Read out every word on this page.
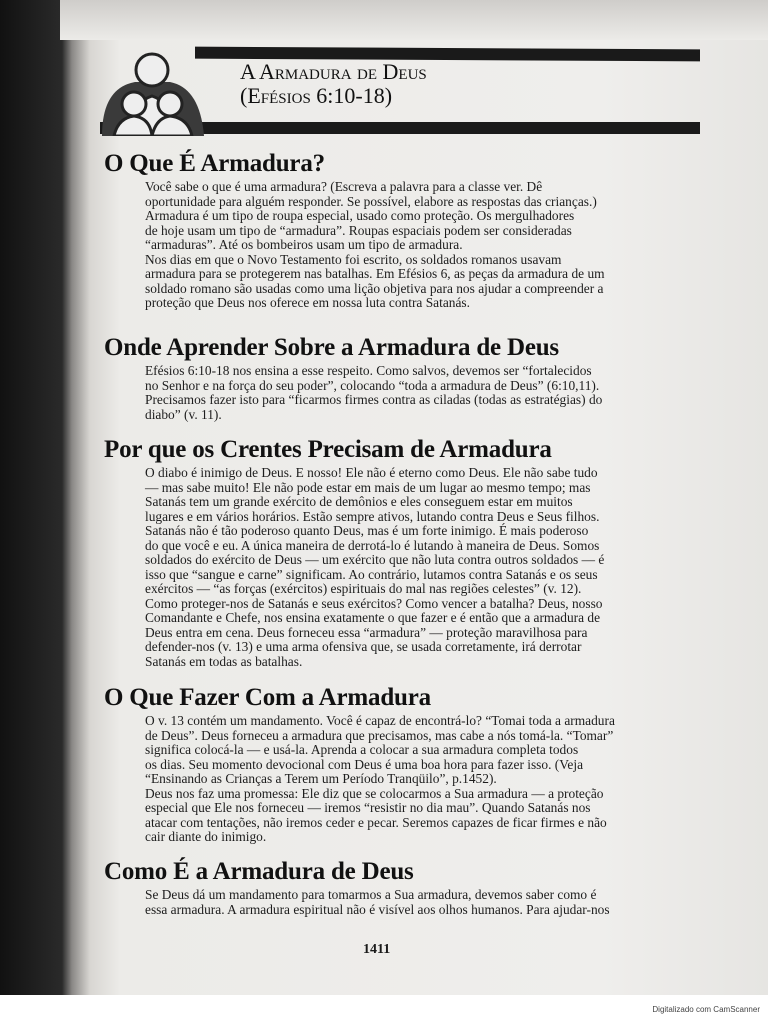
A Armadura de Deus
(Efésios 6:10-18)
O Que É Armadura?
Você sabe o que é uma armadura? (Escreva a palavra para a classe ver. Dê
oportunidade para alguém responder. Se possível, elabore as respostas das crianças.)
Armadura é um tipo de roupa especial, usado como proteção. Os mergulhadores
de hoje usam um tipo de “armadura”. Roupas espaciais podem ser consideradas
“armaduras”. Até os bombeiros usam um tipo de armadura.
Nos dias em que o Novo Testamento foi escrito, os soldados romanos usavam
armadura para se protegerem nas batalhas. Em Efésios 6, as peças da armadura de um
soldado romano são usadas como uma lição objetiva para nos ajudar a compreender a
proteção que Deus nos oferece em nossa luta contra Satanás.
Onde Aprender Sobre a Armadura de Deus
Efésios 6:10-18 nos ensina a esse respeito. Como salvos, devemos ser “fortalecidos
no Senhor e na força do seu poder”, colocando “toda a armadura de Deus” (6:10,11).
Precisamos fazer isto para “ficarmos firmes contra as ciladas (todas as estratégias) do
diabo” (v. 11).
Por que os Crentes Precisam de Armadura
O diabo é inimigo de Deus. E nosso! Ele não é eterno como Deus. Ele não sabe tudo
— mas sabe muito! Ele não pode estar em mais de um lugar ao mesmo tempo; mas
Satanás tem um grande exército de demônios e eles conseguem estar em muitos
lugares e em vários horários. Estão sempre ativos, lutando contra Deus e Seus filhos.
Satanás não é tão poderoso quanto Deus, mas é um forte inimigo. É mais poderoso
do que você e eu. A única maneira de derrotá-lo é lutando à maneira de Deus. Somos
soldados do exército de Deus — um exército que não luta contra outros soldados — é
isso que “sangue e carne” significam. Ao contrário, lutamos contra Satanás e os seus
exércitos — “as forças (exércitos) espirituais do mal nas regiões celestes” (v. 12).
Como proteger-nos de Satanás e seus exércitos? Como vencer a batalha? Deus, nosso
Comandante e Chefe, nos ensina exatamente o que fazer e é então que a armadura de
Deus entra em cena. Deus forneceu essa “armadura” — proteção maravilhosa para
defender-nos (v. 13) e uma arma ofensiva que, se usada corretamente, irá derrotar
Satanás em todas as batalhas.
O Que Fazer Com a Armadura
O v. 13 contém um mandamento. Você é capaz de encontrá-lo? “Tomai toda a armadura
de Deus”. Deus forneceu a armadura que precisamos, mas cabe a nós tomá-la. “Tomar”
significa colocá-la — e usá-la. Aprenda a colocar a sua armadura completa todos
os dias. Seu momento devocional com Deus é uma boa hora para fazer isso. (Veja
“Ensinando as Crianças a Terem um Período Tranqüilo”, p.1452).
Deus nos faz uma promessa: Ele diz que se colocarmos a Sua armadura — a proteção
especial que Ele nos forneceu — iremos “resistir no dia mau”. Quando Satanás nos
atacar com tentações, não iremos ceder e pecar. Seremos capazes de ficar firmes e não
cair diante do inimigo.
Como É a Armadura de Deus
Se Deus dá um mandamento para tomarmos a Sua armadura, devemos saber como é
essa armadura. A armadura espiritual não é visível aos olhos humanos. Para ajudar-nos
1411
Digitalizado com CamScanner
